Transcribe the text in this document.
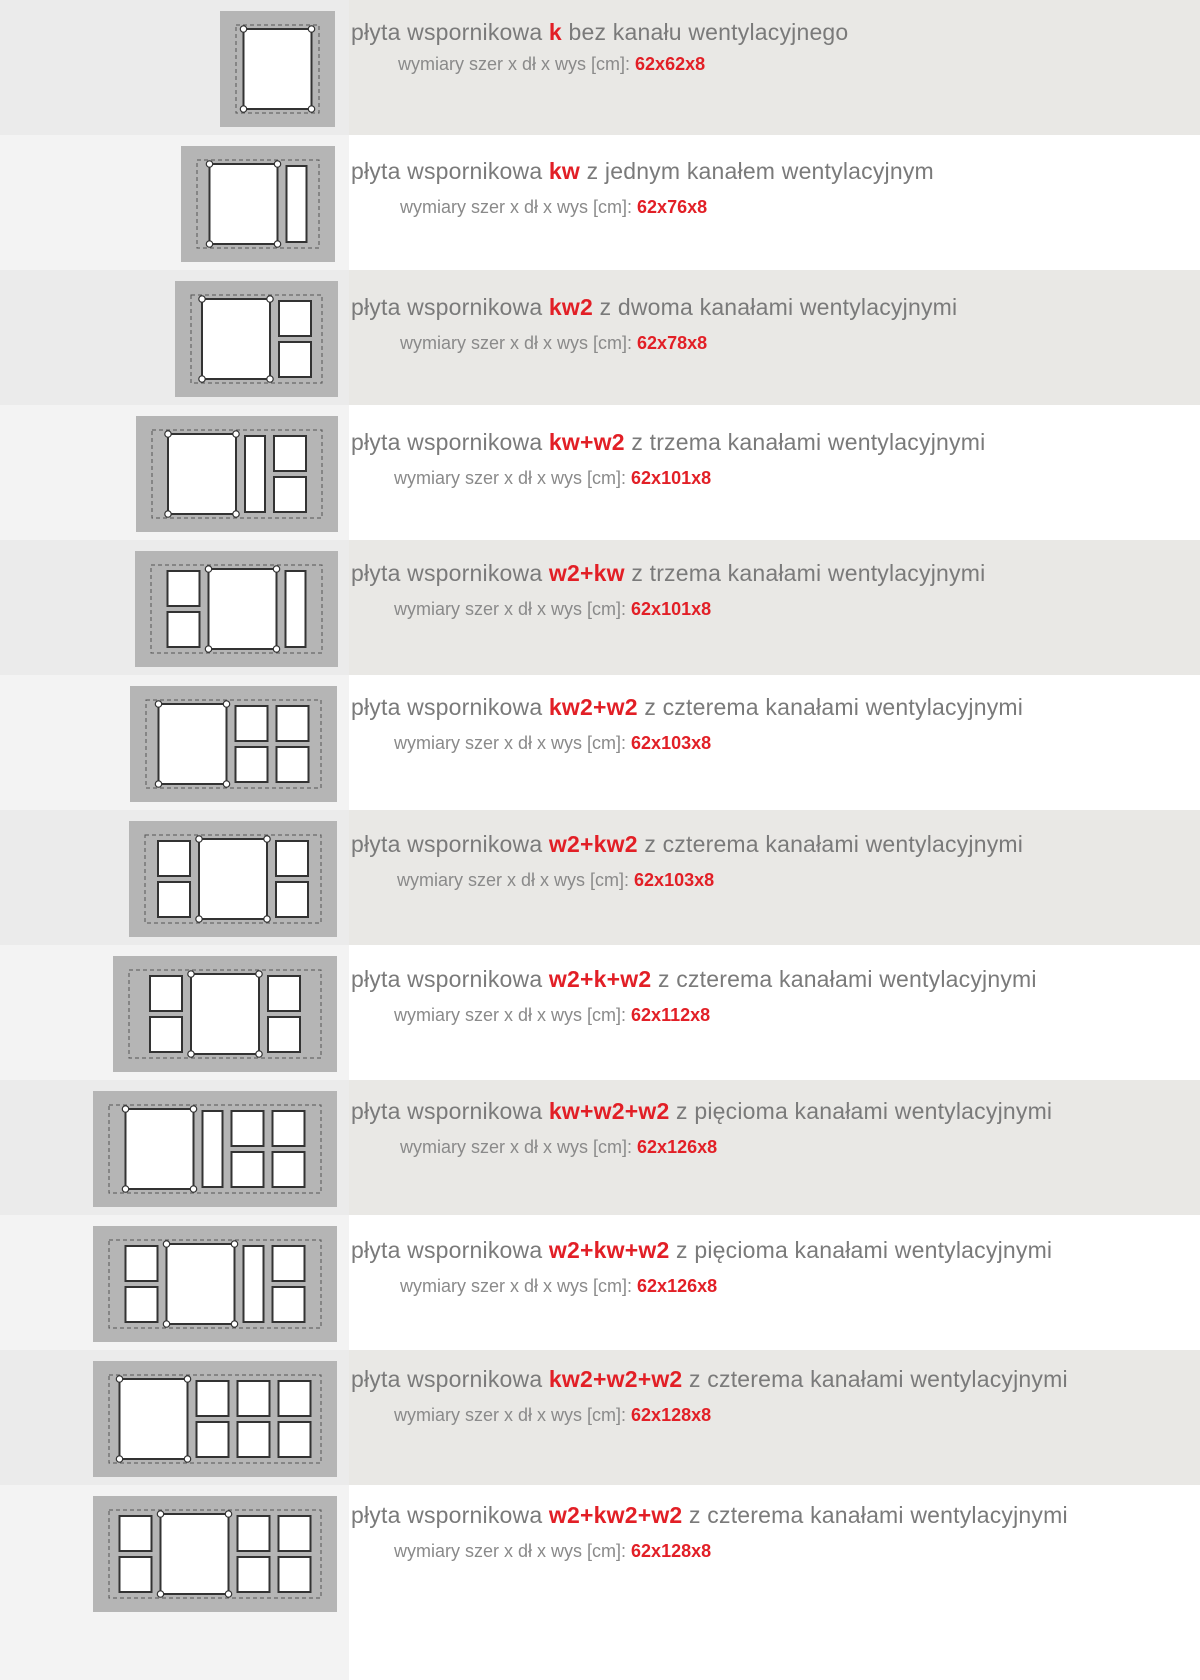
płyta wspornikowa k bez kanału wentylacyjnego
wymiary szer x dł x wys [cm]: 62x62x8
płyta wspornikowa kw z jednym kanałem wentylacyjnym
wymiary szer x dł x wys [cm]: 62x76x8
płyta wspornikowa kw2 z dwoma kanałami wentylacyjnymi
wymiary szer x dł x wys [cm]: 62x78x8
płyta wspornikowa kw+w2 z trzema kanałami wentylacyjnymi
wymiary szer x dł x wys [cm]: 62x101x8
płyta wspornikowa w2+kw z trzema kanałami wentylacyjnymi
wymiary szer x dł x wys [cm]: 62x101x8
płyta wspornikowa kw2+w2 z czterema kanałami wentylacyjnymi
wymiary szer x dł x wys [cm]: 62x103x8
płyta wspornikowa w2+kw2 z czterema kanałami wentylacyjnymi
wymiary szer x dł x wys [cm]: 62x103x8
płyta wspornikowa w2+k+w2 z czterema kanałami wentylacyjnymi
wymiary szer x dł x wys [cm]: 62x112x8
płyta wspornikowa kw+w2+w2 z pięcioma kanałami wentylacyjnymi
wymiary szer x dł x wys [cm]: 62x126x8
płyta wspornikowa w2+kw+w2 z pięcioma kanałami wentylacyjnymi
wymiary szer x dł x wys [cm]: 62x126x8
płyta wspornikowa kw2+w2+w2 z czterema kanałami wentylacyjnymi
wymiary szer x dł x wys [cm]: 62x128x8
płyta wspornikowa w2+kw2+w2 z czterema kanałami wentylacyjnymi
wymiary szer x dł x wys [cm]: 62x128x8
